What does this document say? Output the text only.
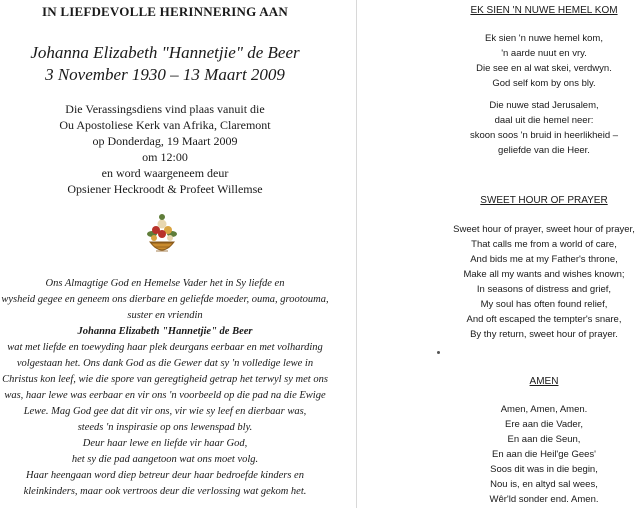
IN LIEFDEVOLLE HERINNERING AAN
Johanna Elizabeth "Hannetjie" de Beer
3 November 1930 – 13 Maart 2009
Die Verassingsdiens vind plaas vanuit die
Ou Apostoliese Kerk van Afrika, Claremont
op Donderdag, 19 Maart 2009
om 12:00
en word waargeneem deur
Opsiener Heckroodt & Profeet Willemse
Ons Almagtige God en Hemelse Vader het in Sy liefde en
wysheid gegee en geneem ons dierbare en geliefde moeder, ouma, grootouma,
suster en vriendin
Johanna Elizabeth "Hannetjie" de Beer
wat met liefde en toewyding haar plek deurgans eerbaar en met volharding
volgestaan het. Ons dank God as die Gewer dat sy 'n volledige lewe in
Christus kon leef, wie die spore van geregtigheid getrap het terwyl sy met ons
was, haar lewe was eerbaar en vir ons 'n voorbeeld op die pad na die Ewige
Lewe. Mag God gee dat dit vir ons, vir wie sy leef en dierbaar was,
steeds 'n inspirasie op ons lewenspad bly.
Deur haar lewe en liefde vir haar God,
het sy die pad aangetoon wat ons moet volg.
Haar heengaan word diep betreur deur haar bedroefde kinders en
kleinkinders, maar ook vertroos deur die verlossing wat gekom het.
EK SIEN 'N NUWE HEMEL KOM
Ek sien 'n nuwe hemel kom,
'n aarde nuut en vry.
Die see en al wat skei, verdwyn.
God self kom by ons bly.
Die nuwe stad Jerusalem,
daal uit die hemel neer:
skoon soos 'n bruid in heerlikheid –
geliefde van die Heer.
SWEET HOUR OF PRAYER
Sweet hour of prayer, sweet hour of prayer,
That calls me from a world of care,
And bids me at my Father's throne,
Make all my wants and wishes known;
In seasons of distress and grief,
My soul has often found relief,
And oft escaped the tempter's snare,
By thy return, sweet hour of prayer.
AMEN
Amen, Amen, Amen.
Ere aan die Vader,
En aan die Seun,
En aan die Heil'ge Gees'
Soos dit was in die begin,
Nou is, en altyd sal wees,
Wêr'ld sonder end. Amen.
